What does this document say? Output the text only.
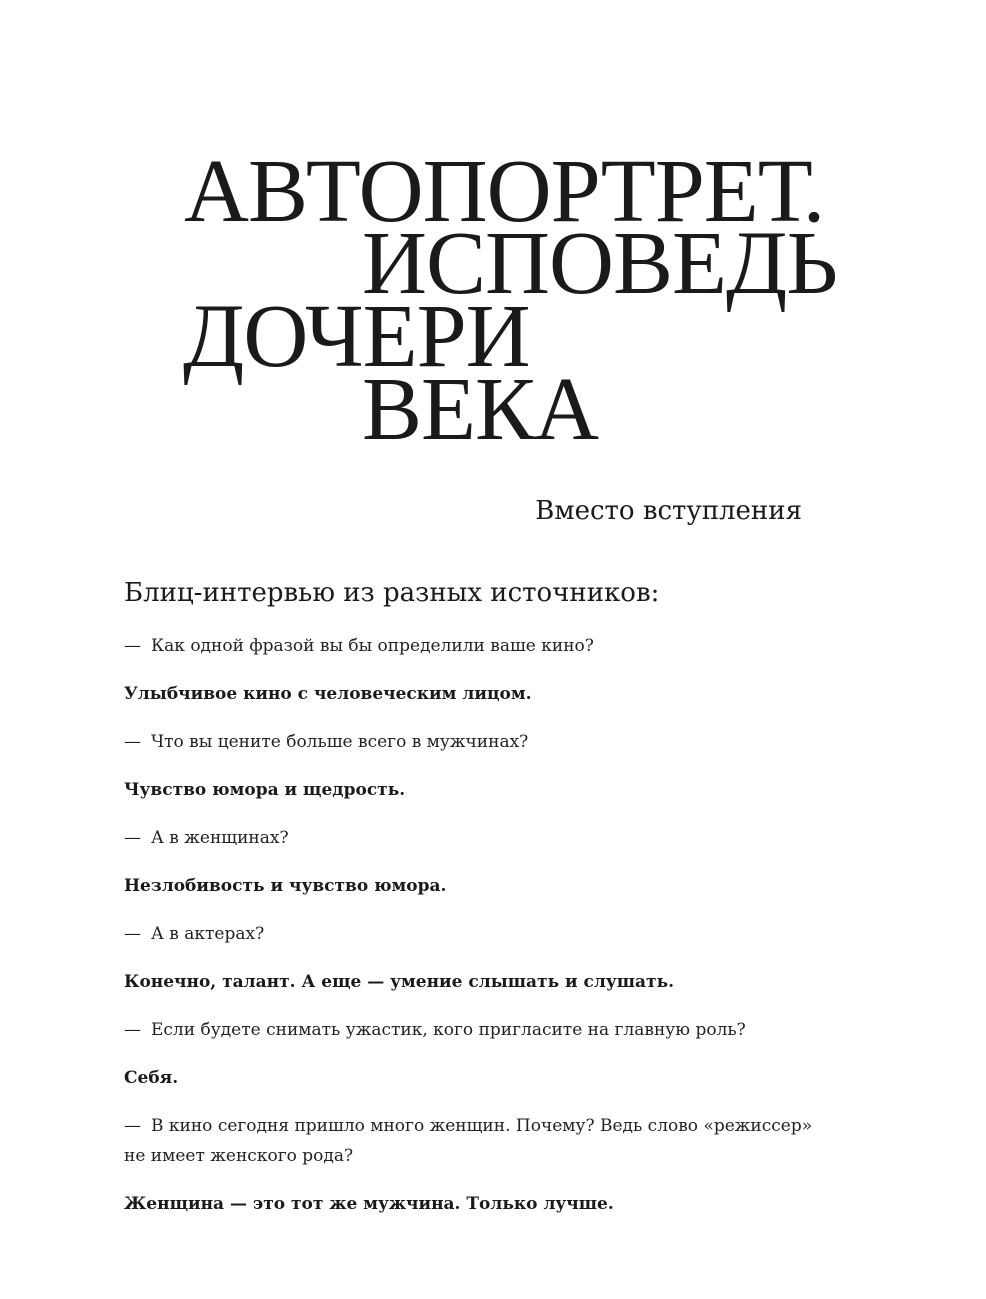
АВТОПОРТРЕТ.
ИСПОВЕДЬ
ДОЧЕРИ
ВЕКА
Вместо вступления
Блиц-интервью из разных источников:

— Как одной фразой вы бы определили ваше кино?

Улыбчивое кино с человеческим лицом.

— Что вы цените больше всего в мужчинах?

Чувство юмора и щедрость.

— А в женщинах?

Незлобивость и чувство юмора.

— А в актерах?

Конечно, талант. А еще — умение слышать и слушать.

— Если будете снимать ужастик, кого пригласите на главную роль?

Себя.

— В кино сегодня пришло много женщин. Почему? Ведь слово «режиссер» не имеет женского рода?

Женщина — это тот же мужчина. Только лучше.
